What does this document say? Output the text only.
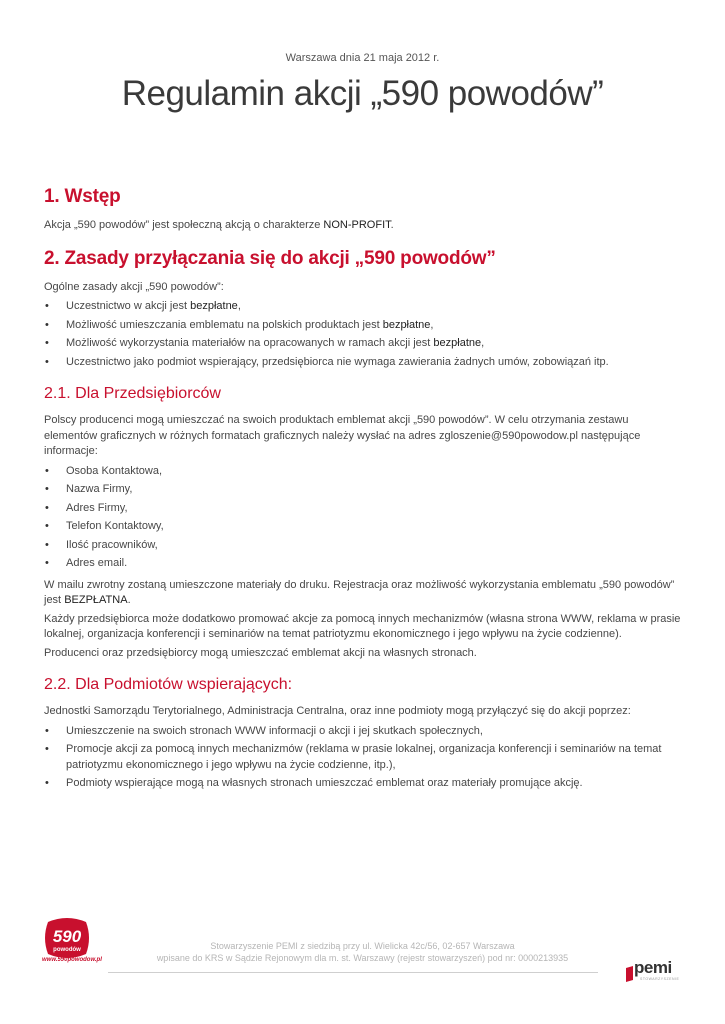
Warszawa dnia 21 maja 2012 r.
Regulamin akcji „590 powodów”
1. Wstęp

Akcja „590 powodów” jest społeczną akcją o charakterze NON-PROFIT.

2. Zasady przyłączania się do akcji „590 powodów”

Ogólne zasady akcji „590 powodów”:

• Uczestnictwo w akcji jest bezpłatne,
• Możliwość umieszczania emblematu na polskich produktach jest bezpłatne,
• Możliwość wykorzystania materiałów na opracowanych w ramach akcji jest bezpłatne,
• Uczestnictwo jako podmiot wspierający, przedsiębiorca nie wymaga zawierania żadnych umów, zobowiązań itp.
2.1. Dla Przedsiębiorców

Polscy producenci mogą umieszczać na swoich produktach emblemat akcji „590 powodów”. W celu otrzymania zestawu elementów graficznych w różnych formatach graficznych należy wysłać na adres zgloszenie@590powodow.pl następujące informacje:

• Osoba Kontaktowa,
• Nazwa Firmy,
• Adres Firmy,
• Telefon Kontaktowy,
• Ilość pracowników,
• Adres email.

W mailu zwrotny zostaną umieszczone materiały do druku. Rejestracja oraz możliwość wykorzystania emblematu „590 powodów” jest BEZPŁATNA.

Każdy przedsiębiorca może dodatkowo promować akcje za pomocą innych mechanizmów (własna strona WWW, reklama w prasie lokalnej, organizacja konferencji i seminariów na temat patriotyzmu ekonomicznego i jego wpływu na życie codzienne).

Producenci oraz przedsiębiorcy mogą umieszczać emblemat akcji na własnych stronach.

2.2. Dla Podmiotów wspierających:

Jednostki Samorządu Terytorialnego, Administracja Centralna, oraz inne podmioty mogą przyłączyć się do akcji poprzez:

• Umieszczenie na swoich stronach WWW informacji o akcji i jej skutkach społecznych,
• Promocje akcji za pomocą innych mechanizmów (reklama w prasie lokalnej, organizacja konferencji i seminariów na temat patriotyzmu ekonomicznego i jego wpływu na życie codzienne, itp.),
• Podmioty wspierające mogą na własnych stronach umieszczać emblemat oraz materiały promujące akcję.
590
powodów
www.590powodow.pl
Stowarzyszenie PEMI z siedzibą przy ul. Wielicka 42c/56, 02-657 Warszawa
wpisane do KRS w Sądzie Rejonowym dla m. st. Warszawy (rejestr stowarzyszeń) pod nr: 0000213935	pemi
STOWARZYSZENIE
